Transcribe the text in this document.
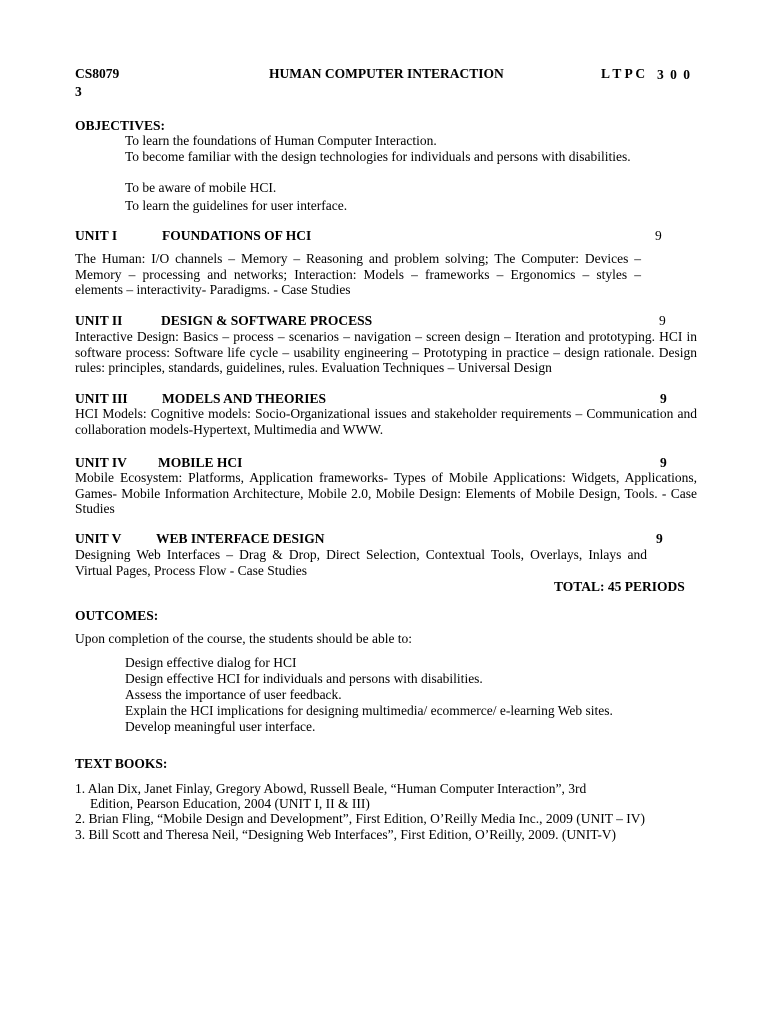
CS8079	HUMAN COMPUTER INTERACTION	L T P C 3 0 0
3
OBJECTIVES:
To learn the foundations of Human Computer Interaction.
To become familiar with the design technologies for individuals and persons with disabilities.
To be aware of mobile HCI.
To learn the guidelines for user interface.
UNIT I	FOUNDATIONS OF HCI	9
The Human: I/O channels – Memory – Reasoning and problem solving; The Computer: Devices – Memory – processing and networks; Interaction: Models – frameworks – Ergonomics – styles – elements – interactivity- Paradigms. - Case Studies
UNIT II	DESIGN & SOFTWARE PROCESS	9
Interactive Design: Basics – process – scenarios – navigation – screen design – Iteration and prototyping. HCI in software process: Software life cycle – usability engineering – Prototyping in practice – design rationale. Design rules: principles, standards, guidelines, rules. Evaluation Techniques – Universal Design
UNIT III	MODELS AND THEORIES	9
HCI Models: Cognitive models: Socio-Organizational issues and stakeholder requirements – Communication and collaboration models-Hypertext, Multimedia and WWW.
UNIT IV MOBILE HCI	9
Mobile Ecosystem: Platforms, Application frameworks- Types of Mobile Applications: Widgets, Applications, Games- Mobile Information Architecture, Mobile 2.0, Mobile Design: Elements of Mobile Design, Tools. - Case Studies
UNIT V	WEB INTERFACE DESIGN	9
Designing Web Interfaces – Drag & Drop, Direct Selection, Contextual Tools, Overlays, Inlays and Virtual Pages, Process Flow - Case Studies
TOTAL: 45 PERIODS
OUTCOMES:
Upon completion of the course, the students should be able to:
Design effective dialog for HCI
Design effective HCI for individuals and persons with disabilities.
Assess the importance of user feedback.
Explain the HCI implications for designing multimedia/ ecommerce/ e-learning Web sites.
Develop meaningful user interface.
TEXT BOOKS:
1. Alan Dix, Janet Finlay, Gregory Abowd, Russell Beale, “Human Computer Interaction”, 3rd
Edition, Pearson Education, 2004 (UNIT I, II & III)
2. Brian Fling, “Mobile Design and Development”, First Edition, O’Reilly Media Inc., 2009 (UNIT – IV)
3. Bill Scott and Theresa Neil, “Designing Web Interfaces”, First Edition, O’Reilly, 2009. (UNIT-V)
